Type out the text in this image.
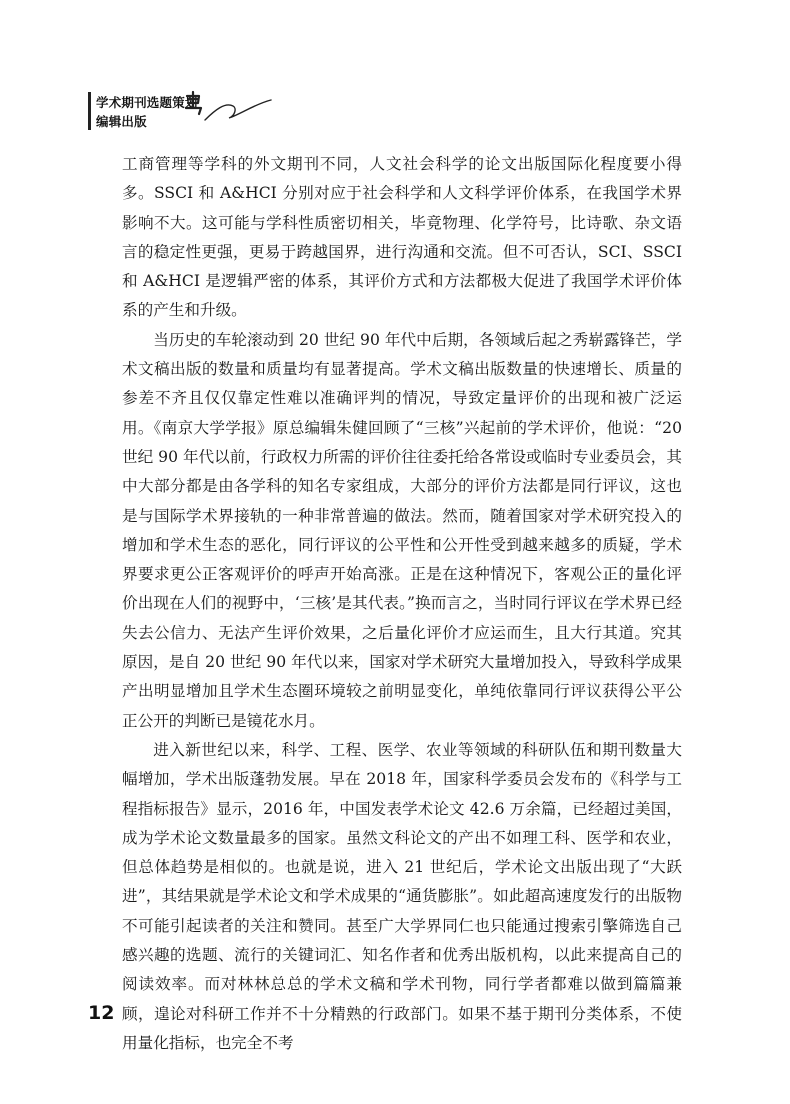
学术期刊选题策划
编辑出版

工商管理等学科的外文期刊不同，人文社会科学的论文出版国际化程度要小得多。SSCI 和 A&HCI 分别对应于社会科学和人文科学评价体系，在我国学术界影响不大。这可能与学科性质密切相关，毕竟物理、化学符号，比诗歌、杂文语言的稳定性更强，更易于跨越国界，进行沟通和交流。但不可否认，SCI、SSCI 和 A&HCI 是逻辑严密的体系，其评价方式和方法都极大促进了我国学术评价体系的产生和升级。

当历史的车轮滚动到 20 世纪 90 年代中后期，各领域后起之秀崭露锋芒，学术文稿出版的数量和质量均有显著提高。学术文稿出版数量的快速增长、质量的参差不齐且仅仅靠定性难以准确评判的情况，导致定量评价的出现和被广泛运用。《南京大学学报》原总编辑朱健回顾了“三核”兴起前的学术评价，他说：“20 世纪 90 年代以前，行政权力所需的评价往往委托给各常设或临时专业委员会，其中大部分都是由各学科的知名专家组成，大部分的评价方法都是同行评议，这也是与国际学术界接轨的一种非常普遍的做法。然而，随着国家对学术研究投入的增加和学术生态的恶化，同行评议的公平性和公开性受到越来越多的质疑，学术界要求更公正客观评价的呼声开始高涨。正是在这种情况下，客观公正的量化评价出现在人们的视野中，‘三核’是其代表。”换而言之，当时同行评议在学术界已经失去公信力、无法产生评价效果，之后量化评价才应运而生，且大行其道。究其原因，是自 20 世纪 90 年代以来，国家对学术研究大量增加投入，导致科学成果产出明显增加且学术生态圈环境较之前明显变化，单纯依靠同行评议获得公平公正公开的判断已是镜花水月。

进入新世纪以来，科学、工程、医学、农业等领域的科研队伍和期刊数量大幅增加，学术出版蓬勃发展。早在 2018 年，国家科学委员会发布的《科学与工程指标报告》显示，2016 年，中国发表学术论文 42.6 万余篇，已经超过美国，成为学术论文数量最多的国家。虽然文科论文的产出不如理工科、医学和农业，但总体趋势是相似的。也就是说，进入 21 世纪后，学术论文出版出现了“大跃进”，其结果就是学术论文和学术成果的“通货膨胀”。如此超高速度发行的出版物不可能引起读者的关注和赞同。甚至广大学界同仁也只能通过搜索引擎筛选自己感兴趣的选题、流行的关键词汇、知名作者和优秀出版机构，以此来提高自己的阅读效率。而对林林总总的学术文稿和学术刊物，同行学者都难以做到篇篇兼顾，遑论对科研工作并不十分精熟的行政部门。如果不基于期刊分类体系，不使用量化指标，也完全不考

12
